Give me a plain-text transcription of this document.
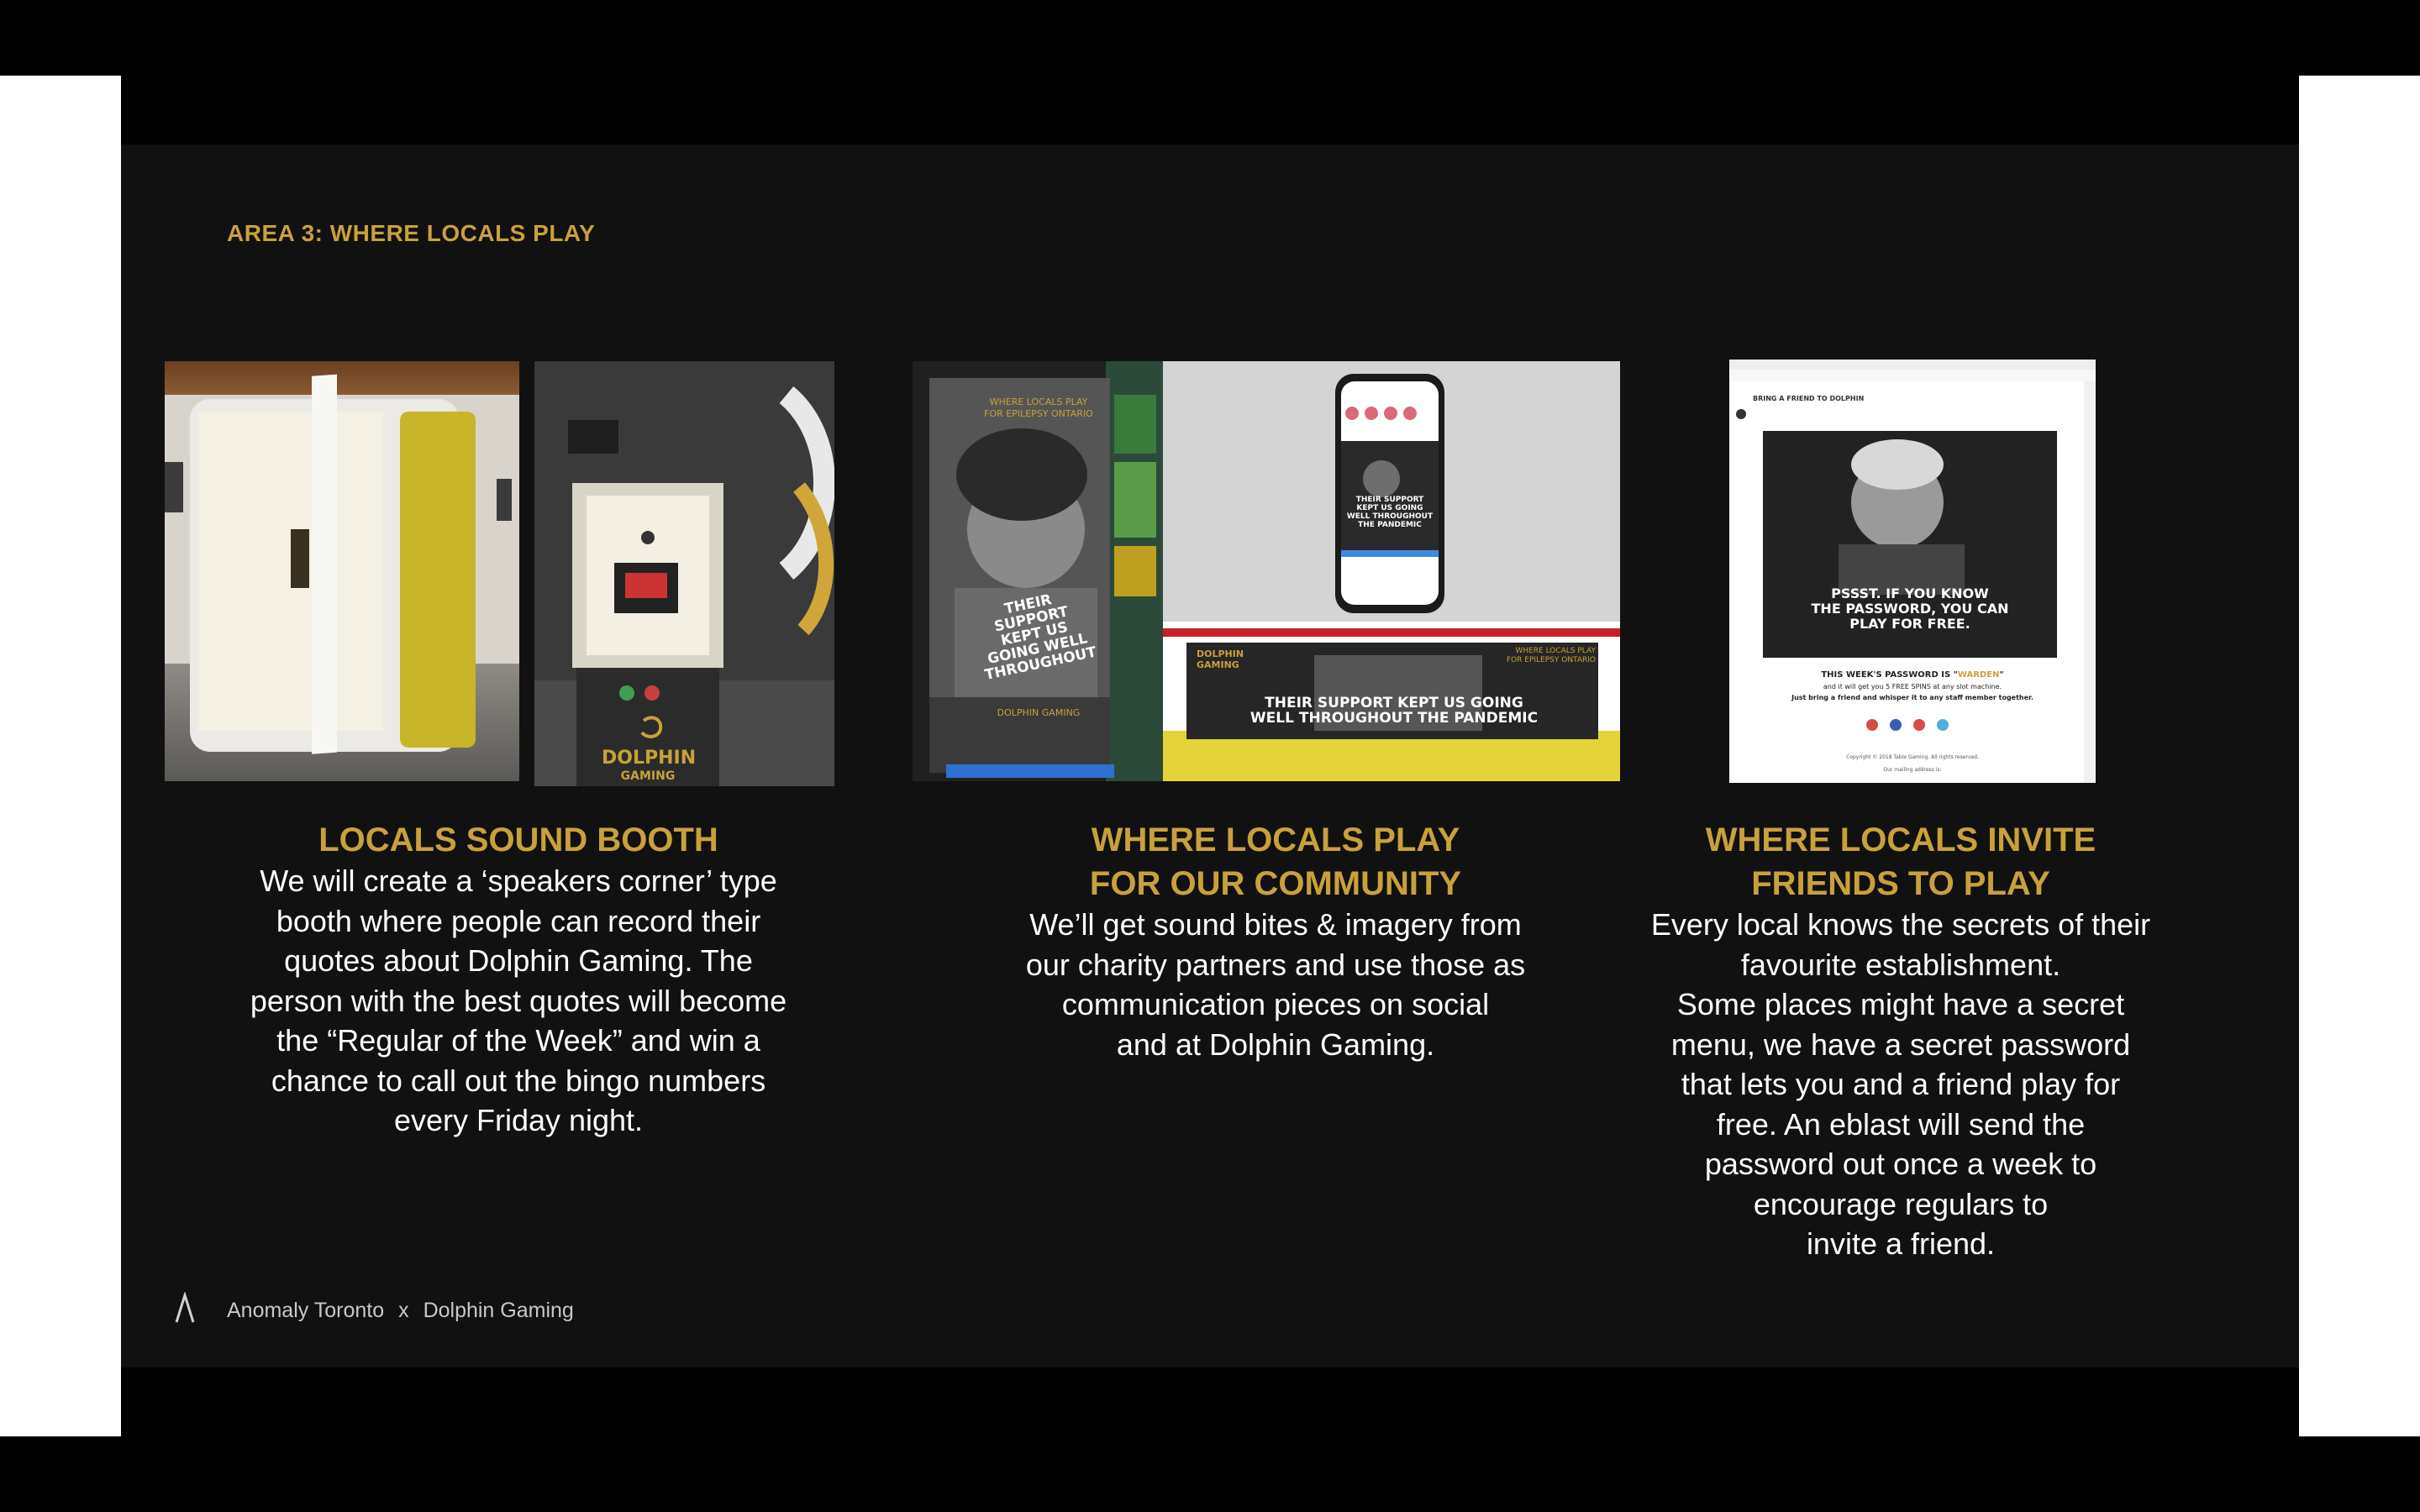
AREA 3: WHERE LOCALS PLAY
DOLPHIN
GAMING
WHERE LOCALS PLAY
FOR EPILEPSY ONTARIO
THEIR
SUPPORT
KEPT US
GOING WELL
THROUGHOUT
DOLPHIN GAMING
THEIR SUPPORT
KEPT US GOING
WELL THROUGHOUT
THE PANDEMIC
DOLPHIN GAMING
WHERE LOCALS PLAY
FOR EPILEPSY ONTARIO
THEIR SUPPORT KEPT US GOING
WELL THROUGHOUT THE PANDEMIC
BRING A FRIEND TO DOLPHIN
PSSST. IF YOU KNOW
THE PASSWORD, YOU CAN
PLAY FOR FREE.
THIS WEEK'S PASSWORD IS "WARDEN"
and it will get you 5 FREE SPINS at any slot machine.
Just bring a friend and whisper it to any staff member together.
Copyright © 2018 Table Gaming. All rights reserved.
Our mailing address is:
LOCALS SOUND BOOTH
We will create a ‘speakers corner’ type
booth where people can record their
quotes about Dolphin Gaming. The
person with the best quotes will become
the “Regular of the Week” and win a
chance to call out the bingo numbers
every Friday night.
WHERE LOCALS PLAY
FOR OUR COMMUNITY
We’ll get sound bites & imagery from
our charity partners and use those as
communication pieces on social
and at Dolphin Gaming.
WHERE LOCALS INVITE
FRIENDS TO PLAY
Every local knows the secrets of their
favourite establishment.
Some places might have a secret
menu, we have a secret password
that lets you and a friend play for
free. An eblast will send the
password out once a week to
encourage regulars to
invite a friend.
Anomaly Toronto x Dolphin Gaming
